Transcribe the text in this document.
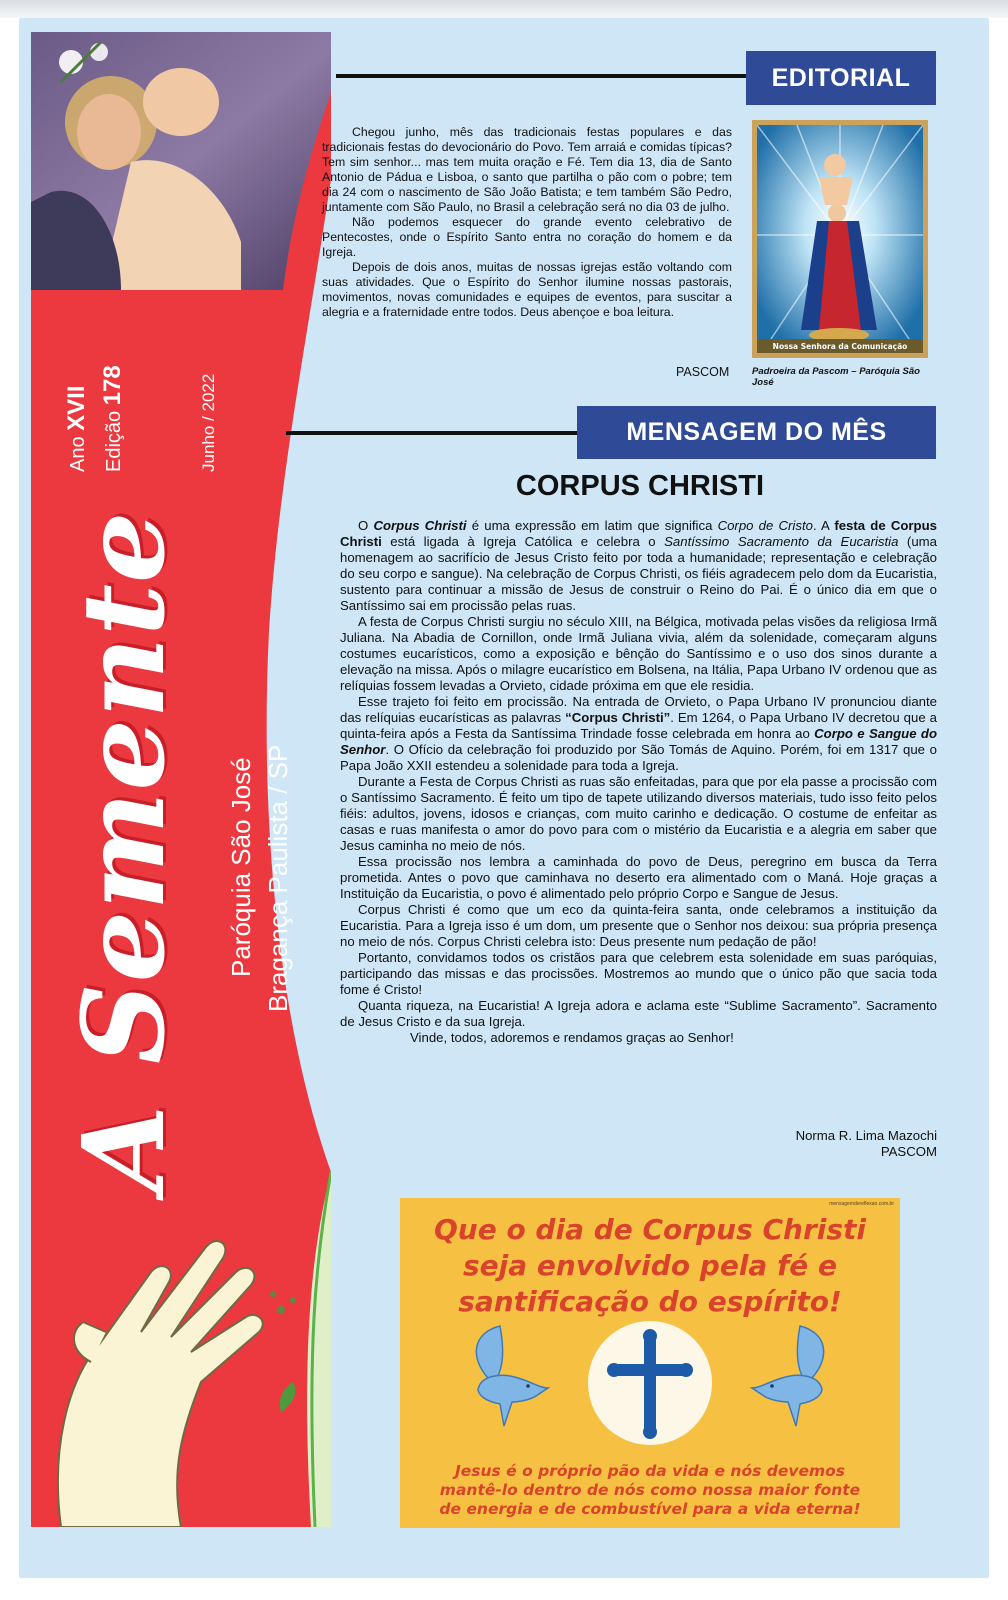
Ano XVII
Edição 178	Junho / 2022
A Semente Paróquia São José Bragança Paulista / SP
EDITORIAL

Chegou junho, mês das tradicionais festas populares e das tradicionais festas do devocionário do Povo. Tem arraiá e comidas típicas? Tem sim senhor... mas tem muita oração e Fé. Tem dia 13, dia de Santo Antonio de Pádua e Lisboa, o santo que partilha o pão com o pobre; tem dia 24 com o nascimento de São João Batista; e tem também São Pedro, juntamente com São Paulo, no Brasil a celebração será no dia 03 de julho.

Não podemos esquecer do grande evento celebrativo de Pentecostes, onde o Espírito Santo entra no coração do homem e da Igreja.

Depois de dois anos, muitas de nossas igrejas estão voltando com suas atividades. Que o Espírito do Senhor ilumine nossas pastorais, movimentos, novas comunidades e equipes de eventos, para suscitar a alegria e a fraternidade entre todos. Deus abençoe e boa leitura.

PASCOM
Nossa Senhora da Comunicação
Padroeira da Pascom – Paróquia São José
MENSAGEM DO MÊS
CORPUS CHRISTI

O Corpus Christi é uma expressão em latim que significa Corpo de Cristo. A festa de Corpus Christi está ligada à Igreja Católica e celebra o Santíssimo Sacramento da Eucaristia (uma homenagem ao sacrifício de Jesus Cristo feito por toda a humanidade; representação e celebração do seu corpo e sangue). Na celebração de Corpus Christi, os fiéis agradecem pelo dom da Eucaristia, sustento para continuar a missão de Jesus de construir o Reino do Pai. É o único dia em que o Santíssimo sai em procissão pelas ruas.

A festa de Corpus Christi surgiu no século XIII, na Bélgica, motivada pelas visões da religiosa Irmã Juliana. Na Abadia de Cornillon, onde Irmã Juliana vivia, além da solenidade, começaram alguns costumes eucarísticos, como a exposição e bênção do Santíssimo e o uso dos sinos durante a elevação na missa. Após o milagre eucarístico em Bolsena, na Itália, Papa Urbano IV ordenou que as relíquias fossem levadas a Orvieto, cidade próxima em que ele residia.

Esse trajeto foi feito em procissão. Na entrada de Orvieto, o Papa Urbano IV pronunciou diante das relíquias eucarísticas as palavras “Corpus Christi”. Em 1264, o Papa Urbano IV decretou que a quinta-feira após a Festa da Santíssima Trindade fosse celebrada em honra ao Corpo e Sangue do Senhor. O Ofício da celebração foi produzido por São Tomás de Aquino. Porém, foi em 1317 que o Papa João XXII estendeu a solenidade para toda a Igreja.

Durante a Festa de Corpus Christi as ruas são enfeitadas, para que por ela passe a procissão com o Santíssimo Sacramento. É feito um tipo de tapete utilizando diversos materiais, tudo isso feito pelos fiéis: adultos, jovens, idosos e crianças, com muito carinho e dedicação. O costume de enfeitar as casas e ruas manifesta o amor do povo para com o mistério da Eucaristia e a alegria em saber que Jesus caminha no meio de nós.

Essa procissão nos lembra a caminhada do povo de Deus, peregrino em busca da Terra prometida. Antes o povo que caminhava no deserto era alimentado com o Maná. Hoje graças a Instituição da Eucaristia, o povo é alimentado pelo próprio Corpo e Sangue de Jesus.

Corpus Christi é como que um eco da quinta-feira santa, onde celebramos a instituição da Eucaristia. Para a Igreja isso é um dom, um presente que o Senhor nos deixou: sua própria presença no meio de nós. Corpus Christi celebra isto: Deus presente num pedação de pão!

Portanto, convidamos todos os cristãos para que celebrem esta solenidade em suas paróquias, participando das missas e das procissões. Mostremos ao mundo que o único pão que sacia toda fome é Cristo!

Quanta riqueza, na Eucaristia! A Igreja adora e aclama este “Sublime Sacramento”. Sacramento de Jesus Cristo e da sua Igreja.

Vinde, todos, adoremos e rendamos graças ao Senhor!

Norma R. Lima Mazochi
PASCOM
mensagemdereflexao.com.br
Que o dia de Corpus Christi
seja envolvido pela fé e
santificação do espírito!
Jesus é o próprio pão da vida e nós devemos
mantê-lo dentro de nós como nossa maior fonte
de energia e de combustível para a vida eterna!
